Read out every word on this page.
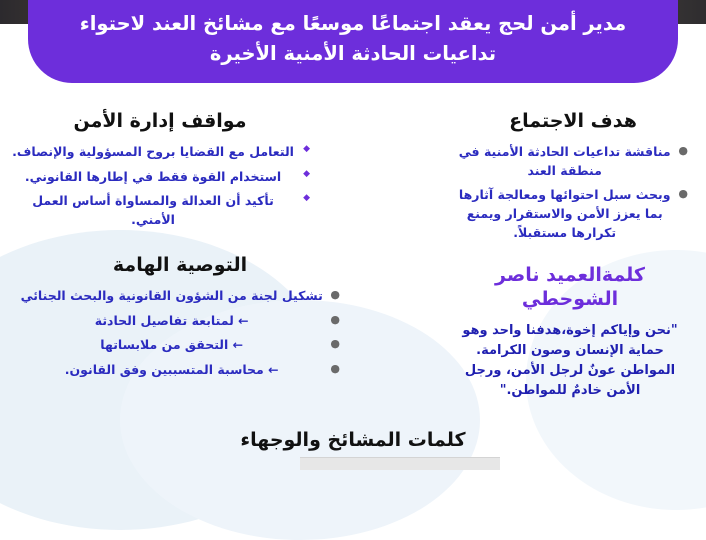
مدير أمن لحج يعقد اجتماعًا موسعًا مع مشائخ العند لاحتواء تداعيات الحادثة الأمنية الأخيرة
هدف الاجتماع
●
مناقشة تداعيات الحادثة الأمنية في منطقة العند
●
وبحث سبل احتوائها ومعالجة آثارها بما يعزز الأمن والاستقرار ويمنع تكرارها مستقبلاً.
مواقف إدارة الأمن
◆
التعامل مع القضايا بروح المسؤولية والإنصاف.
◆
استخدام القوة فقط في إطارها القانوني.
◆
تأكيد أن العدالة والمساواة أساس العمل الأمني.
التوصية الهامة
●
تشكيل لجنة من الشؤون القانونية والبحث الجنائي
●
← لمتابعة تفاصيل الحادثة
●
← التحقق من ملابساتها
●
← محاسبة المتسببين وفق القانون.
كلمةالعميد ناصر الشوحطي
"نحن وإياكم إخوة،هدفنا واحد وهو حماية الإنسان وصون الكرامة. المواطن عونٌ لرجل الأمن، ورجل الأمن خادمٌ للمواطن."
كلمات المشائخ والوجهاء
